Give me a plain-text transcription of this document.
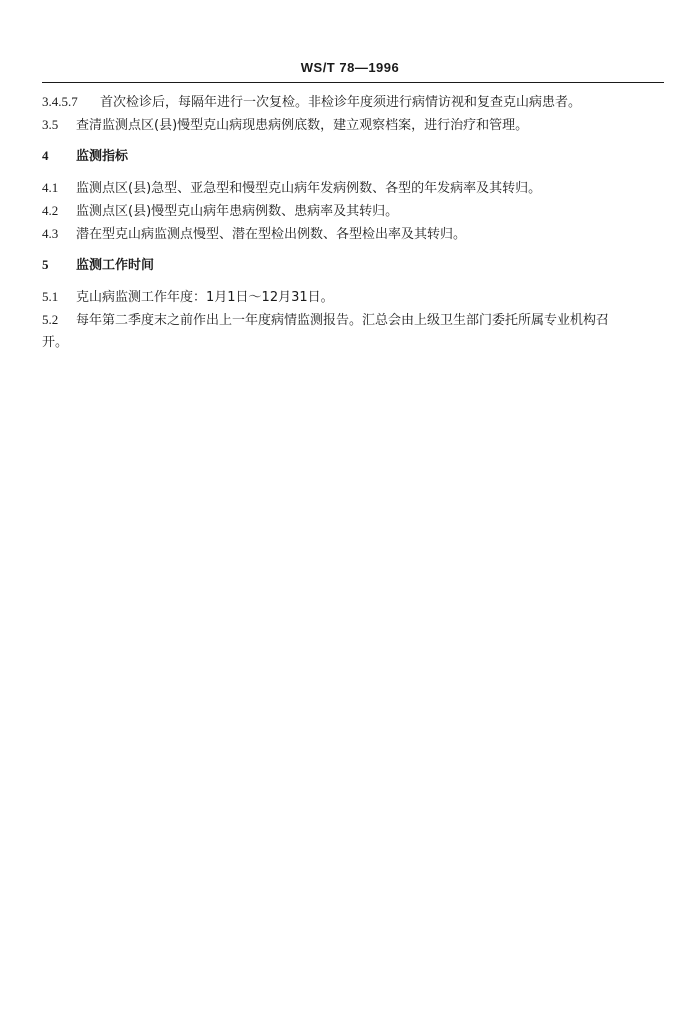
WS/T 78—1996
3.4.5.7	首次检诊后，每隔年进行一次复检。非检诊年度须进行病情访视和复查克山病患者。
3.5	查清监测点区(县)慢型克山病现患病例底数，建立观察档案，进行治疗和管理。
4	监测指标
4.1	监测点区(县)急型、亚急型和慢型克山病年发病例数、各型的年发病率及其转归。
4.2	监测点区(县)慢型克山病年患病例数、患病率及其转归。
4.3	潜在型克山病监测点慢型、潜在型检出例数、各型检出率及其转归。
5	监测工作时间
5.1	克山病监测工作年度：1月1日～12月31日。
5.2	每年第二季度末之前作出上一年度病情监测报告。汇总会由上级卫生部门委托所属专业机构召
开。
